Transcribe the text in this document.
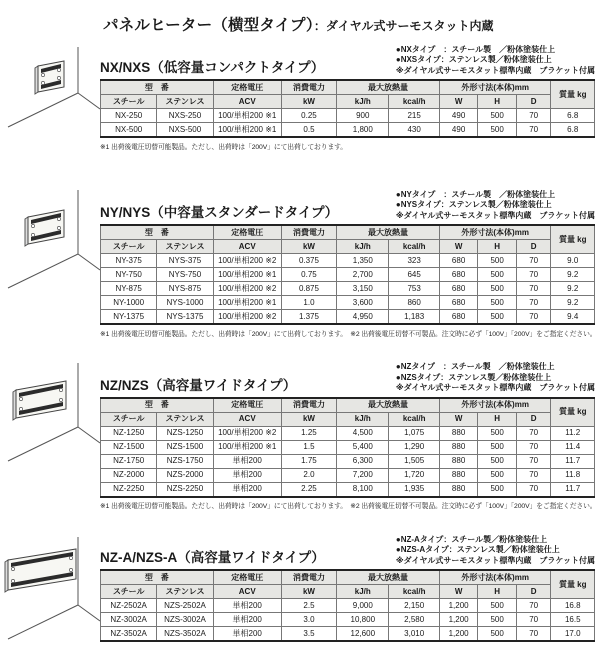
パネルヒーター（横型タイプ）：ダイヤル式サーモスタット内蔵
NX/NXS（低容量コンパクトタイプ）
●NXタイプ　：スチール製　／粉体塗装仕上
●NXSタイプ：ステンレス製／粉体塗装仕上
※ダイヤル式サーモスタット標準内蔵　ブラケット付属
型　番		定格電圧	消費電力	最大放熱量		外形寸法(本体)mm			質量 kg
スチール	ステンレス	ACV	kW	kJ/h	kcal/h	W	H	D	
NX-250	NXS-250	100/単相200 ※1	0.25	900	215	490	500	70	6.8
NX-500	NXS-500	100/単相200 ※1	0.5	1,800	430	490	500	70	6.8
※1 出荷後電圧切替可能製品。ただし、出荷時は「200V」にて出荷しております。
NY/NYS（中容量スタンダードタイプ）
●NYタイプ　：スチール製　／粉体塗装仕上
●NYSタイプ：ステンレス製／粉体塗装仕上
※ダイヤル式サーモスタット標準内蔵　ブラケット付属
型　番		定格電圧	消費電力	最大放熱量		外形寸法(本体)mm			質量 kg
スチール	ステンレス	ACV	kW	kJ/h	kcal/h	W	H	D	
NY-375	NYS-375	100/単相200 ※2	0.375	1,350	323	680	500	70	9.0
NY-750	NYS-750	100/単相200 ※1	0.75	2,700	645	680	500	70	9.2
NY-875	NYS-875	100/単相200 ※2	0.875	3,150	753	680	500	70	9.2
NY-1000	NYS-1000	100/単相200 ※1	1.0	3,600	860	680	500	70	9.2
NY-1375	NYS-1375	100/単相200 ※2	1.375	4,950	1,183	680	500	70	9.4
※1 出荷後電圧切替可能製品。ただし、出荷時は「200V」にて出荷しております。　※2 出荷後電圧切替不可製品。注文時に必ず「100V」「200V」をご指定ください。
NZ/NZS（高容量ワイドタイプ）
●NZタイプ　：スチール製　／粉体塗装仕上
●NZSタイプ：ステンレス製／粉体塗装仕上
※ダイヤル式サーモスタット標準内蔵　ブラケット付属
型　番		定格電圧	消費電力	最大放熱量		外形寸法(本体)mm			質量 kg
スチール	ステンレス	ACV	kW	kJ/h	kcal/h	W	H	D	
NZ-1250	NZS-1250	100/単相200 ※2	1.25	4,500	1,075	880	500	70	11.2
NZ-1500	NZS-1500	100/単相200 ※1	1.5	5,400	1,290	880	500	70	11.4
NZ-1750	NZS-1750	単相200	1.75	6,300	1,505	880	500	70	11.7
NZ-2000	NZS-2000	単相200	2.0	7,200	1,720	880	500	70	11.8
NZ-2250	NZS-2250	単相200	2.25	8,100	1,935	880	500	70	11.7
※1 出荷後電圧切替可能製品。ただし、出荷時は「200V」にて出荷しております。　※2 出荷後電圧切替不可製品。注文時に必ず「100V」「200V」をご指定ください。
NZ-A/NZS-A（高容量ワイドタイプ）
●NZ-Aタイプ：スチール製／粉体塗装仕上
●NZS-Aタイプ：ステンレス製／粉体塗装仕上
※ダイヤル式サーモスタット標準内蔵　ブラケット付属
型　番		定格電圧	消費電力	最大放熱量		外形寸法(本体)mm			質量 kg
スチール	ステンレス	ACV	kW	kJ/h	kcal/h	W	H	D	
NZ-2502A	NZS-2502A	単相200	2.5	9,000	2,150	1,200	500	70	16.8
NZ-3002A	NZS-3002A	単相200	3.0	10,800	2,580	1,200	500	70	16.5
NZ-3502A	NZS-3502A	単相200	3.5	12,600	3,010	1,200	500	70	17.0
